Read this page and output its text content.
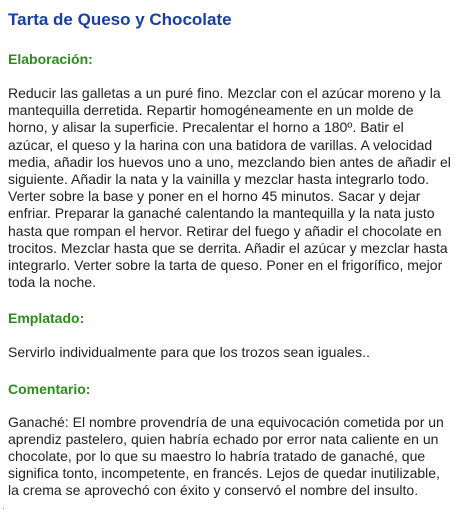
Tarta de Queso y Chocolate
Elaboración:

Reducir las galletas a un puré fino. Mezclar con el azúcar moreno y la mantequilla derretida. Repartir homogéneamente en un molde de horno, y alisar la superficie. Precalentar el horno a 180º. Batir el azúcar, el queso y la harina con una batidora de varillas. A velocidad media, añadir los huevos uno a uno, mezclando bien antes de añadir el siguiente. Añadir la nata y la vainilla y mezclar hasta integrarlo todo. Verter sobre la base y poner en el horno 45 minutos. Sacar y dejar enfriar. Preparar la ganaché calentando la mantequilla y la nata justo hasta que rompan el hervor. Retirar del fuego y añadir el chocolate en trocitos. Mezclar hasta que se derrita. Añadir el azúcar y mezclar hasta integrarlo. Verter sobre la tarta de queso. Poner en el frigorífico, mejor toda la noche.

Emplatado:

Servirlo individualmente para que los trozos sean iguales..

Comentario:

Ganaché: El nombre provendría de una equivocación cometida por un aprendiz pastelero, quien habría echado por error nata caliente en un chocolate, por lo que su maestro lo habría tratado de ganaché, que significa tonto, incompetente, en francés. Lejos de quedar inutilizable, la crema se aprovechó con éxito y conservó el nombre del insulto.
